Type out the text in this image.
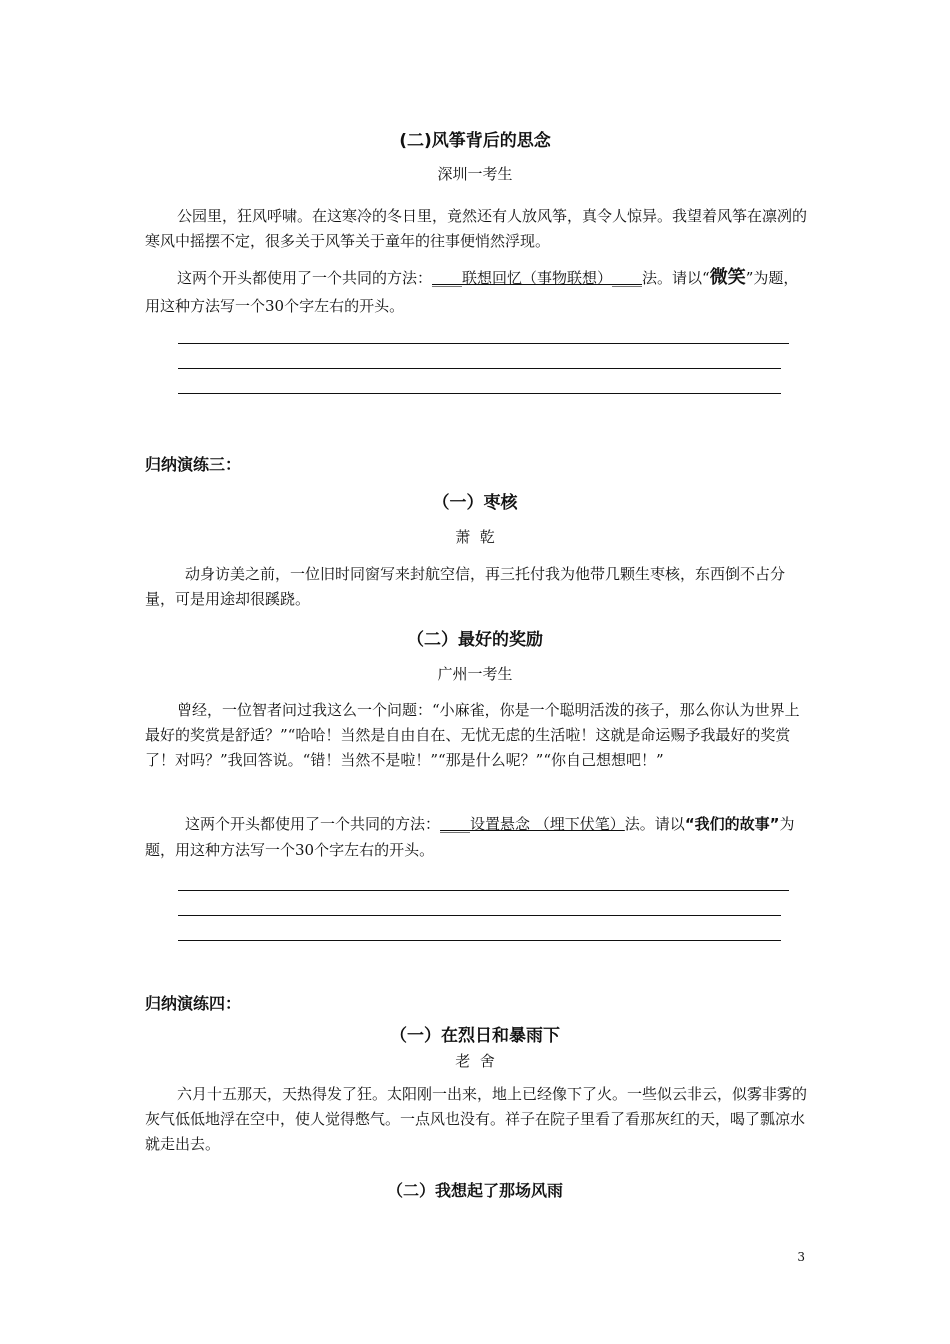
(二)风筝背后的思念
深圳一考生
公园里，狂风呼啸。在这寒冷的冬日里，竟然还有人放风筝，真令人惊异。我望着风筝在凛冽的寒风中摇摆不定，很多关于风筝关于童年的往事便悄然浮现。
这两个开头都使用了一个共同的方法：____联想回忆（事物联想）____法。请以“微笑”为题，用这种方法写一个30个字左右的开头。
归纳演练三：
（一）枣核
萧  乾
动身访美之前，一位旧时同窗写来封航空信，再三托付我为他带几颗生枣核，东西倒不占分量，可是用途却很蹊跷。
（二）最好的奖励
广州一考生
曾经，一位智者问过我这么一个问题：“小麻雀，你是一个聪明活泼的孩子，那么你认为世界上最好的奖赏是舒适？”“哈哈！当然是自由自在、无忧无虑的生活啦！这就是命运赐予我最好的奖赏了！对吗？”我回答说。“错！当然不是啦！”“那是什么呢？”“你自己想想吧！”
这两个开头都使用了一个共同的方法：____设置悬念 （埋下伏笔）法。请以“我们的故事”为题，用这种方法写一个30个字左右的开头。
归纳演练四：
（一）在烈日和暴雨下
老  舍
六月十五那天，天热得发了狂。太阳刚一出来，地上已经像下了火。一些似云非云，似雾非雾的灰气低低地浮在空中，使人觉得憋气。一点风也没有。祥子在院子里看了看那灰红的天，喝了瓢凉水就走出去。
（二）我想起了那场风雨
3
